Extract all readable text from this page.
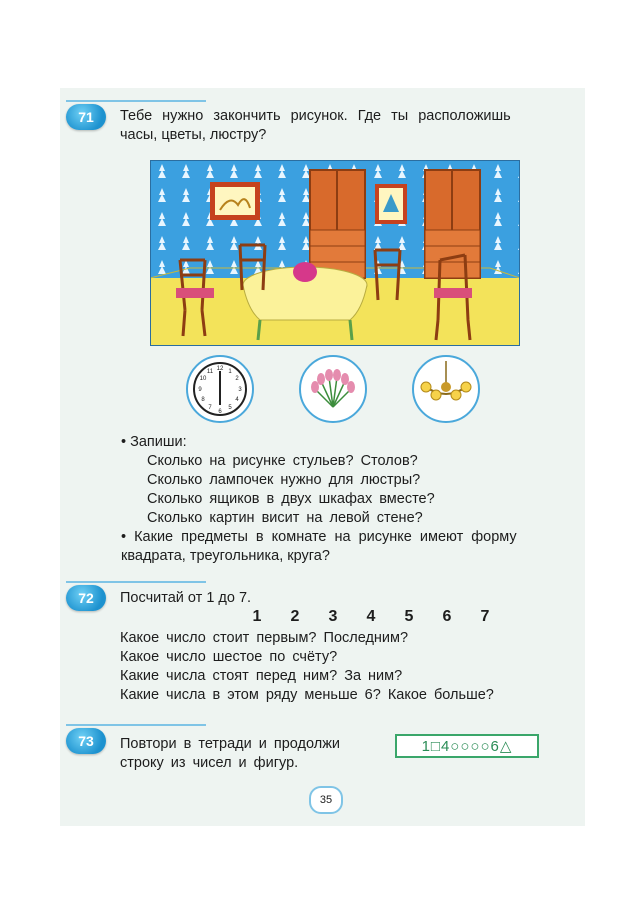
71	Тебе нужно закончить рисунок. Где ты расположишь
часы, цветы, люстру?
12 1
2
3
4
5
6
7
8
9
10
11
• Запиши:
Сколько на рисунке стульев? Столов?
Сколько лампочек нужно для люстры?
Сколько ящиков в двух шкафах вместе?
Сколько картин висит на левой стене?
• Какие предметы в комнате на рисунке имеют форму
квадрата, треугольника, круга?
72	Посчитай от 1 до 7.
1 2 3 4 5 6 7
Какое число стоит первым? Последним?
Какое число шестое по счёту?
Какие числа стоят перед ним? За ним?
Какие числа в этом ряду меньше 6? Какое больше?
73	Повтори в тетради и продолжи
строку из чисел и фигур.
1□4○○○○6△
35
